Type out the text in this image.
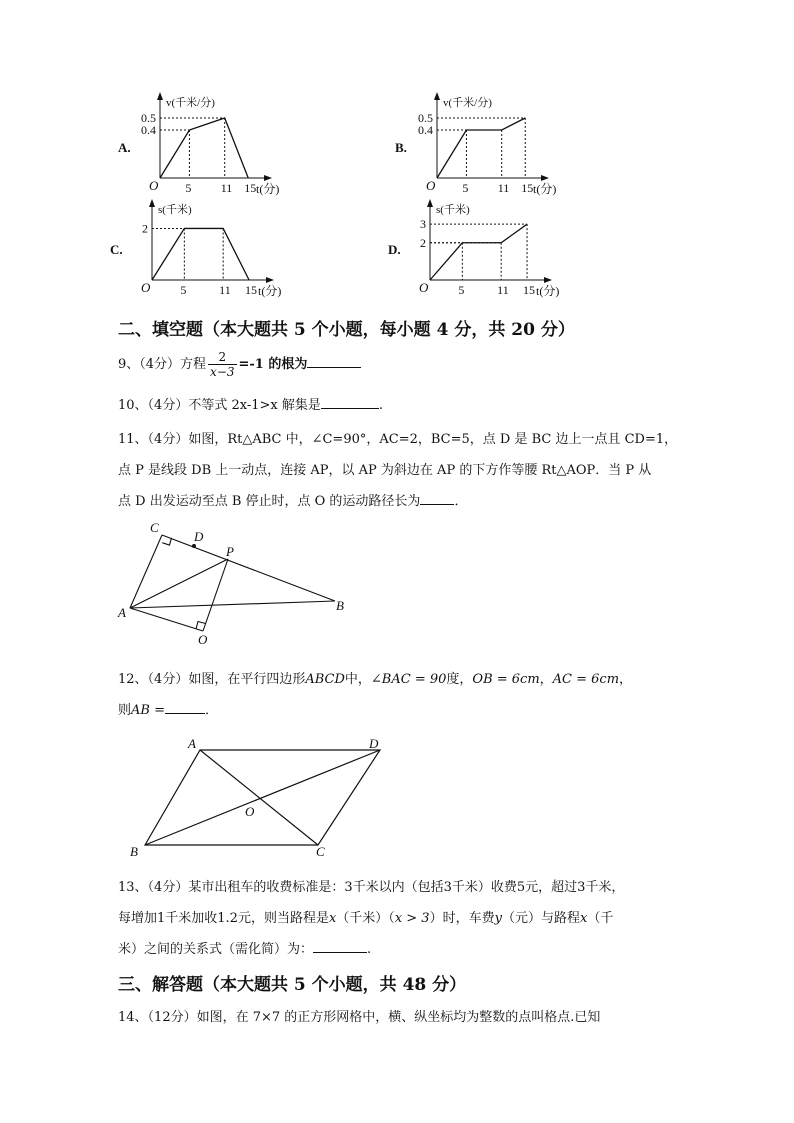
5 11 15
0.5
0.4
O
v(千米/分)
t(分)
A.
5 11 15
0.5
0.4
O
v(千米/分)
t(分)
B.
5	11 15
2
O
s(千米)
t(分)
C.
5	11 15
3
2
O
s(千米)
t(分)
D.
二、填空题（本大题共 5 个小题，每小题 4 分，共 20 分）
9、（4分）方程 $\frac{2}{x-3} =-1$ 的根为
10、（4分）不等式 2x-1>x 解集是	.
11、（4分）如图，Rt△ABC 中，∠C=90°，AC=2，BC=5，点 D 是 BC 边上一点且 CD=1，
点 P 是线段 DB 上一动点，连接 AP，以 AP 为斜边在 AP 的下方作等腰 Rt△AOP．当 P 从
点 D 出发运动至点 B 停止时，点 O 的运动路径长为	．
C
D
P
A	B
O
12、（4分）如图，在平行四边形ABCD中，∠BAC = 90度，OB = 6cm，AC = 6cm，
则AB =	．
A	D
B	C
O
13、（4分）某市出租车的收费标准是：3千米以内（包括3千米）收费5元，超过3千米，
每增加1千米加收1.2元，则当路程是x（千米）（x > 3）时，车费y（元）与路程x（千
米）之间的关系式（需化简）为：	.
三、解答题（本大题共 5 个小题，共 48 分）
14、（12分）如图，在 7×7 的正方形网格中，横、纵坐标均为整数的点叫格点.已知
